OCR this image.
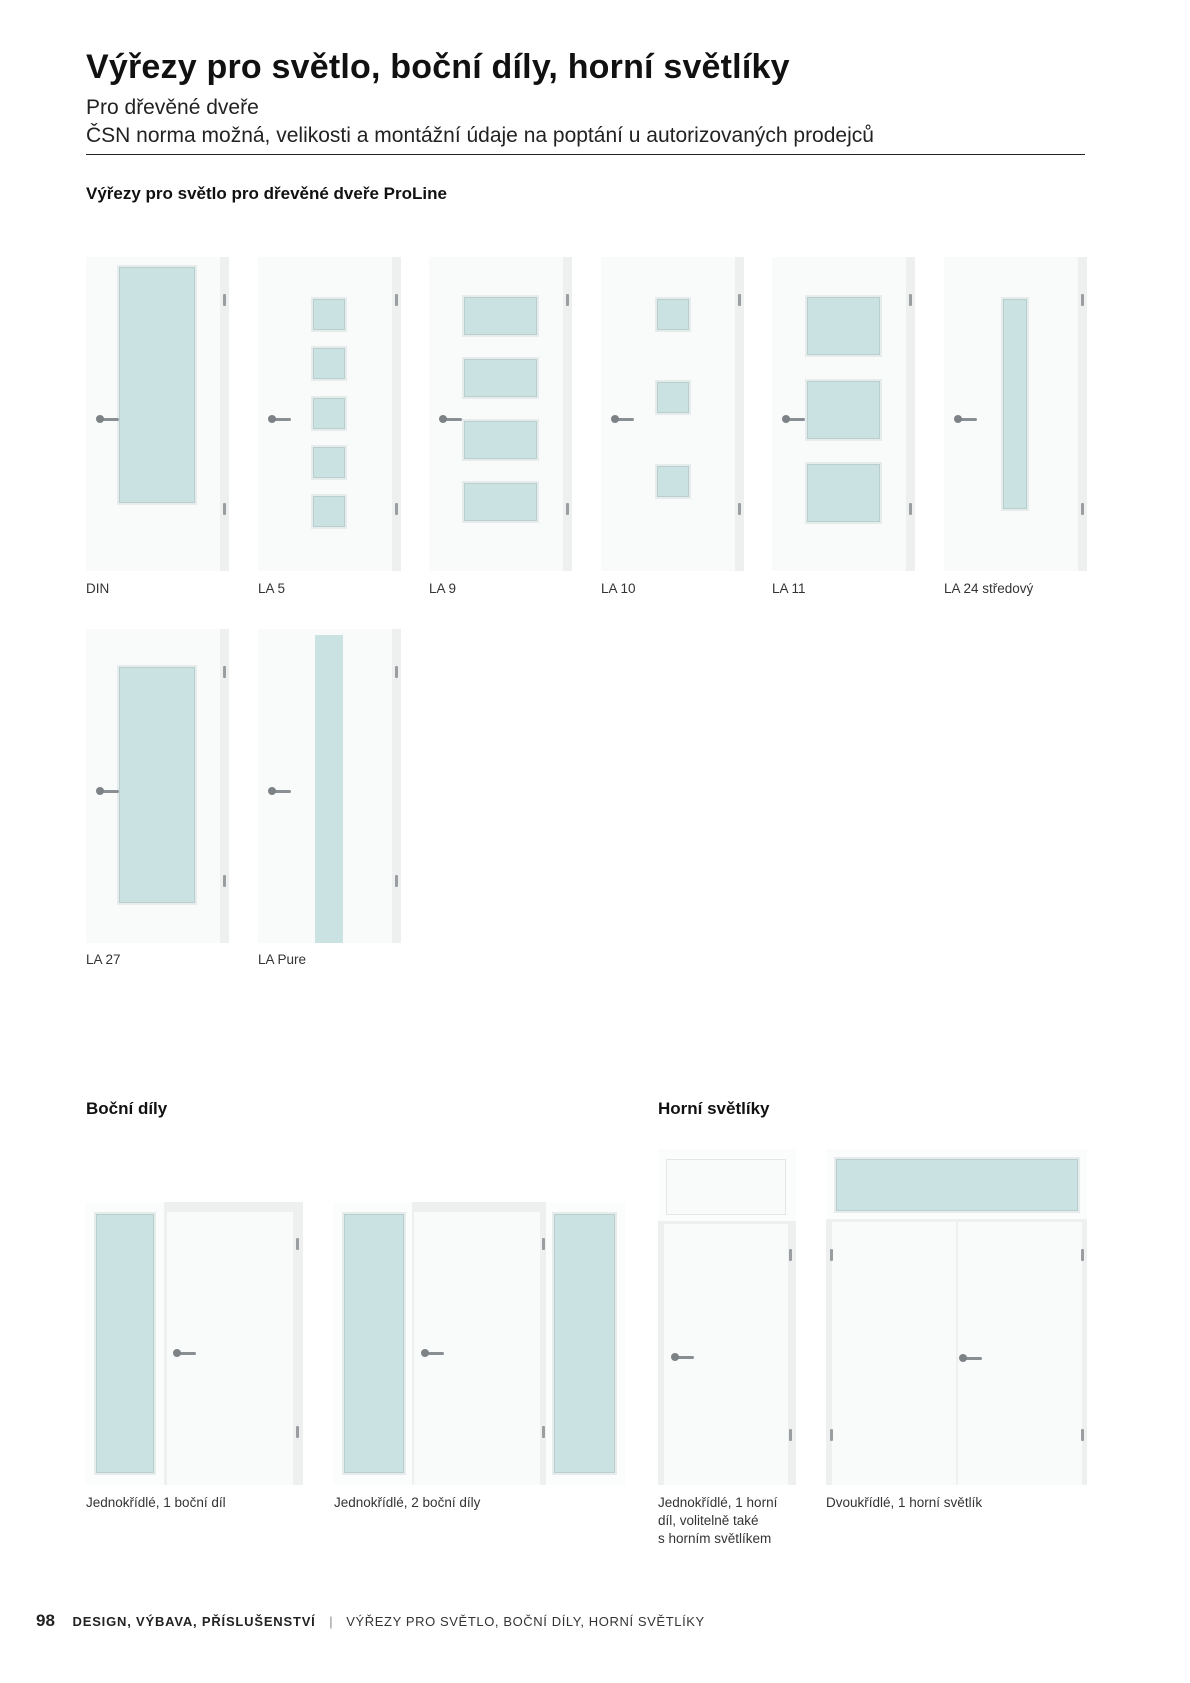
Výřezy pro světlo, boční díly, horní světlíky
Pro dřevěné dveře
ČSN norma možná, velikosti a montážní údaje na poptání u autorizovaných prodejců
Výřezy pro světlo pro dřevěné dveře ProLine
DIN	LA 5	LA 9	LA 10	LA 11	LA 24 středový
LA 27	LA Pure
Boční díly
Jednokřídlé, 1 boční díl	Jednokřídlé, 2 boční díly
Horní světlíky
Jednokřídlé, 1 horní
díl, volitelně také
s horním světlíkem
Dvoukřídlé, 1 horní světlík
98 DESIGN, VÝBAVA, PŘÍSLUŠENSTVÍ | VÝŘEZY PRO SVĚTLO, BOČNÍ DÍLY, HORNÍ SVĚTLÍKY
